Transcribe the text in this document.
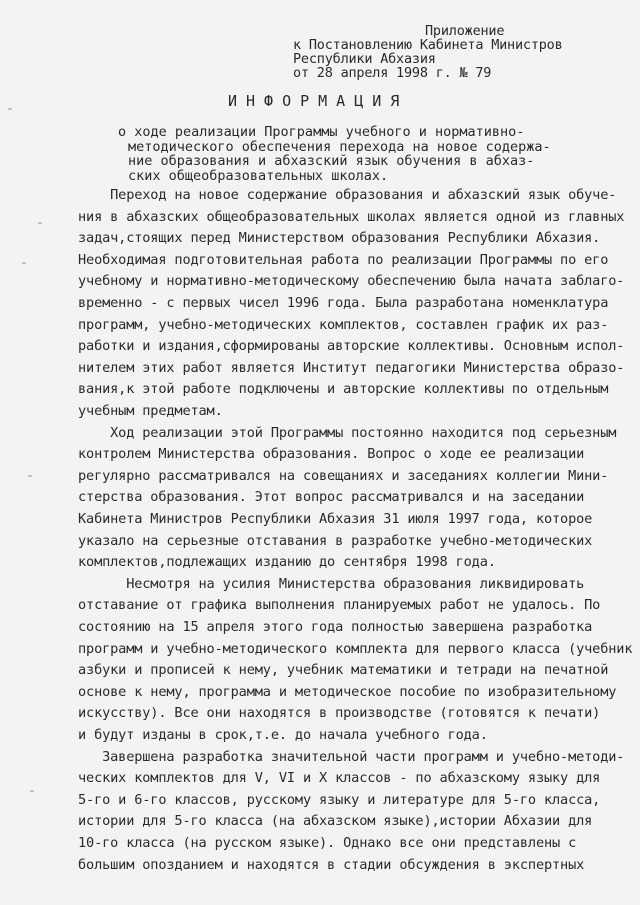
Приложение
к Постановлению Кабинета Министров
Республики Абхазия
от 28 апреля 1998 г. № 79
ИНФОРМАЦИЯ
о ходе реализации Программы учебного и нормативно-
методического обеспечения перехода на новое содержа-
ние образования и абхазский язык обучения в абхаз-
ских общеобразовательных школах.
Переход на новое содержание образования и абхазский язык обуче-
ния в абхазских общеобразовательных школах является одной из главных
задач,стоящих перед Министерством образования Республики Абхазия.
Необходимая подготовительная работа по реализации Программы по его
учебному и нормативно-методическому обеспечению была начата заблаго-
временно - с первых чисел 1996 года. Была разработана номенклатура
программ, учебно-методических комплектов, составлен график их раз-
работки и издания,сформированы авторские коллективы. Основным испол-
нителем этих работ является Институт педагогики Министерства образо-
вания,к этой работе подключены и авторские коллективы по отдельным
учебным предметам.
Ход реализации этой Программы постоянно находится под серьезным
контролем Министерства образования. Вопрос о ходе ее реализации
регулярно рассматривался на совещаниях и заседаниях коллегии Мини-
стерства образования. Этот вопрос рассматривался и на заседании
Кабинета Министров Республики Абхазия 31 июля 1997 года, которое
указало на серьезные отставания в разработке учебно-методических
комплектов,подлежащих изданию до сентября 1998 года.
Несмотря на усилия Министерства образования ликвидировать
отставание от графика выполнения планируемых работ не удалось. По
состоянию на 15 апреля этого года полностью завершена разработка
программ и учебно-методического комплекта для первого класса (учебник
азбуки и прописей к нему, учебник математики и тетради на печатной
основе к нему, программа и методическое пособие по изобразительному
искусству). Все они находятся в производстве (готовятся к печати)
и будут изданы в срок,т.е. до начала учебного года.
Завершена разработка значительной части программ и учебно-методи-
ческих комплектов для V, VI и X классов - по абхазскому языку для
5-го и 6-го классов, русскому языку и литературе для 5-го класса,
истории для 5-го класса (на абхазском языке),истории Абхазии для
10-го класса (на русском языке). Однако все они представлены с
большим опозданием и находятся в стадии обсуждения в экспертных
